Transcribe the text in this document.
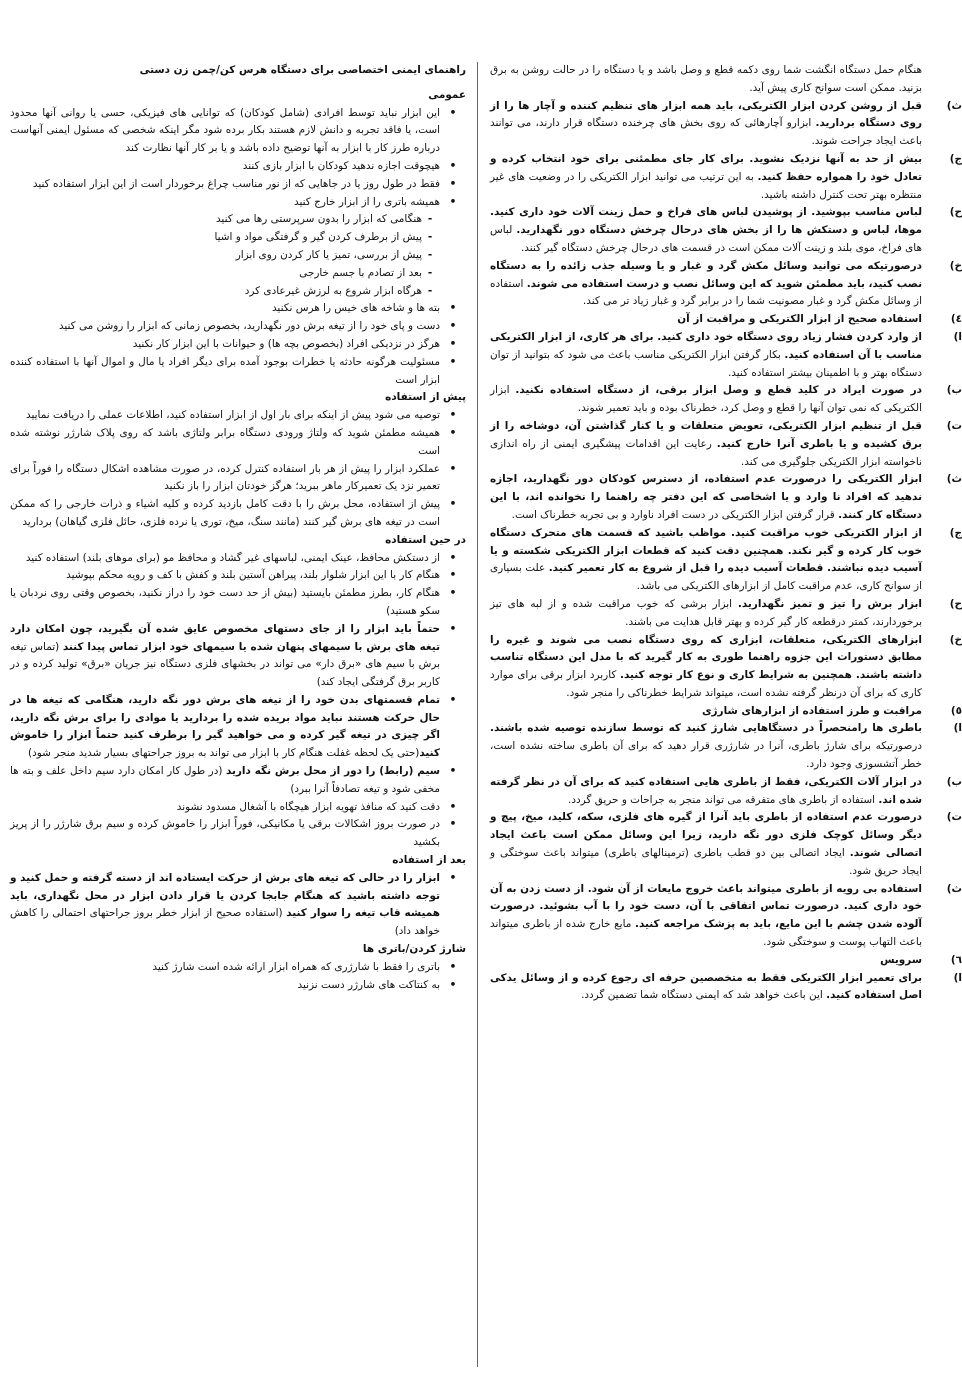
هنگام حمل دستگاه انگشت شما روی دکمه قطع و وصل باشد و یا دستگاه را در حالت روشن به برق بزنید. ممکن است سوانح کاری پیش آید.

ث)

قبل از روشن کردن ابزار الکتریکی، باید همه ابزار های تنظیم کننده و آچار ها را از روی دستگاه بردارید. ابزارو آچارهائی که روی بخش های چرخنده دستگاه قرار دارند، می توانند باعث ایجاد جراحت شوند.

ج)

بیش از حد به آنها نزدیک نشوید. برای کار جای مطمئنی برای خود انتخاب کرده و تعادل خود را همواره حفظ کنید. به این ترتیب می توانید ابزار الکتریکی را در وضعیت های غیر منتظره بهتر تحت کنترل داشته باشید.

ح)

لباس مناسب بپوشید. از پوشیدن لباس های فراخ و حمل زینت آلات خود داری کنید. موها، لباس و دستکش ها را از بخش های درحال چرخش دستگاه دور نگهدارید. لباس های فراخ، موی بلند و زینت آلات ممکن است در قسمت های درحال چرخش دستگاه گیر کنند.

خ)

درصورتیکه می توانید وسائل مکش گرد و غبار و یا وسیله جذب زائده را به دستگاه نصب کنید، باید مطمئن شوید که این وسائل نصب و درست استفاده می شوند. استفاده از وسائل مکش گرد و غبار مصونیت شما را در برابر گرد و غبار زیاد تر می کند.

٤)

استفاده صحیح از ابزار الکتریکی و مراقبت از آن

ا)

از وارد کردن فشار زیاد روی دستگاه خود داری کنید. برای هر کاری، از ابزار الکتریکی مناسب با آن استفاده کنید. بکار گرفتن ابزار الکتریکی مناسب باعث می شود که بتوانید از توان دستگاه بهتر و با اطمینان بیشتر استفاده کنید.

ب)

در صورت ایراد در کلید قطع و وصل ابزار برقی، از دستگاه استفاده نکنید. ابزار الکتریکی که نمی توان آنها را قطع و وصل کرد، خطرناک بوده و باید تعمیر شوند.

ت)

قبل از تنظیم ابزار الکتریکی، تعویض متعلقات و یا کنار گذاشتن آن، دوشاخه را از برق کشیده و یا باطری آنرا خارج کنید. رعایت این اقدامات پیشگیری ایمنی از راه اندازی ناخواسته ابزار الکتریکی جلوگیری می کند.

ث)

ابزار الکتریکی را درصورت عدم استفاده، از دسترس کودکان دور نگهدارید، اجازه ندهید که افراد نا وارد و یا اشخاصی که این دفتر چه راهنما را نخوانده اند، با این دستگاه کار کنند. قرار گرفتن ابزار الکتریکی در دست افراد ناوارد و بی تجربه خطرناک است.

ج)

از ابزار الکتریکی خوب مراقبت کنید. مواظب باشید که قسمت های متحرک دستگاه خوب کار کرده و گیر نکند. همچنین دقت کنید که قطعات ابزار الکتریکی شکسته و یا آسیب دیده نباشند. قطعات آسیب دیده را قبل از شروع به کار تعمیر کنید. علت بسیاری از سوانح کاری، عدم مراقبت کامل از ابزارهای الکتریکی می باشد.

ح)

ابزار برش را تیز و تمیز نگهدارید. ابزار برشی که خوب مراقبت شده و از لبه های تیز برخوردارند، کمتر درقطعه کار گیر کرده و بهتر قابل هدایت می باشند.

خ)

ابزارهای الکتریکی، متعلقات، ابزاری که روی دستگاه نصب می شوند و غیره را مطابق دستورات این جزوه راهنما طوری به کار گیرید که با مدل این دستگاه تناسب داشته باشند. همچنین به شرایط کاری و نوع کار توجه کنید. کاربرد ابزار برقی برای موارد کاری که برای آن درنظر گرفته نشده است، میتواند شرایط خطرناکی را منجر شود.

٥)

مراقبت و طرز استفاده از ابزارهای شارژی

ا)

باطری ها رامنحصراً در دستگاهایی شارژ کنید که توسط سازنده توصیه شده باشند. درصورتیکه برای شارژ باطری، آنرا در شارژری قرار دهید که برای آن باطری ساخته نشده است، خطر آتشسوزی وجود دارد.

ب)

در ابزار آلات الکتریکی، فقط از باطری هایی استفاده کنید که برای آن در نظر گرفته شده اند. استفاده از باطری های متفرقه می تواند منجر به جراحات و حریق گردد.

ت)

درصورت عدم استفاده از باطری باید آنرا از گیره های فلزی، سکه، کلید، میخ، پیچ و دیگر وسائل کوچک فلزی دور نگه دارید، زیرا این وسائل ممکن است باعث ایجاد اتصالی شوند. ایجاد اتصالی بین دو قطب باطری (ترمینالهای باطری) میتواند باعث سوختگی و ایجاد حریق شود.

ث)

استفاده بی رویه از باطری میتواند باعث خروج مایعات از آن شود. از دست زدن به آن خود داری کنید. درصورت تماس اتفاقی با آن، دست خود را با آب بشوئید. درصورت آلوده شدن چشم با این مایع، باید به پزشک مراجعه کنید. مایع خارج شده از باطری میتواند باعث التهاب پوست و سوختگی شود.

٦)

سرویس

ا)

برای تعمیر ابزار الکتریکی فقط به متخصصین حرفه ای رجوع کرده و از وسائل یدکی اصل استفاده کنید. این باعث خواهد شد که ایمنی دستگاه شما تضمین گردد.

راهنمای ایمنی اختصاصی برای دستگاه هرس کن/چمن زن دستی

عمومی

•

این ابزار نباید توسط افرادی (شامل کودکان) که توانایی های فیزیکی، حسی یا روانی آنها محدود است، یا فاقد تجربه و دانش لازم هستند بکار برده شود مگر اینکه شخصی که مسئول ایمنی آنهاست درباره طرز کار با ابزار به آنها توضیح داده باشد و یا بر کار آنها نظارت کند

•

هیچوقت اجازه ندهید کودکان با ابزار بازی کنند

•

فقط در طول روز یا در جاهایی که از نور مناسب چراغ برخوردار است از این ابزار استفاده کنید

•

همیشه باتری را از ابزار خارج کنید

-

هنگامی که ابزار را بدون سرپرستی رها می کنید

-

پیش از برطرف کردن گیر و گرفتگی مواد و اشیا

-

پیش از بررسی، تمیز یا کار کردن روی ابزار

-

بعد از تصادم با جسم خارجی

-

هرگاه ابزار شروع به لرزش غیرعادی کرد

•

بته ها و شاخه های خیس را هرس نکنید

•

دست و پای خود را از تیغه برش دور نگهدارید، بخصوص زمانی که ابزار را روشن می کنید

•

هرگز در نزدیکی افراد (بخصوص بچه ها) و حیوانات با این ابزار کار نکنید

•

مسئولیت هرگونه حادثه یا خطرات بوجود آمده برای دیگر افراد یا مال و اموال آنها با استفاده کننده ابزار است

پیش از استفاده

•

توصیه می شود پیش از اینکه برای بار اول از ابزار استفاده کنید، اطلاعات عملی را دریافت نمایید

•

همیشه مطمئن شوید که ولتاژ ورودی دستگاه برابر ولتاژی باشد که روی پلاک شارژر نوشته شده است

•

عملکرد ابزار را پیش از هر بار استفاده کنترل کرده، در صورت مشاهده اشکال دستگاه را فوراً برای تعمیر نزد یک تعمیرکار ماهر ببرید؛ هرگز خودتان ابزار را باز نکنید

•

پیش از استفاده، محل برش را با دقت کامل بازدید کرده و کلیه اشیاء و ذرات خارجی را که ممکن است در تیغه های برش گیر کنند (مانند سنگ، میخ، توری یا نرده فلزی، حائل فلزی گیاهان) بردارید

در حین استفاده

•

از دستکش محافظ، عینک ایمنی، لباسهای غیر گشاد و محافظ مو (برای موهای بلند) استفاده کنید

•

هنگام کار با این ابزار شلوار بلند، پیراهن آستین بلند و کفش با کف و رویه محکم بپوشید

•

هنگام کار، بطرز مطمئن بایستید (بیش از حد دست خود را دراز نکنید، بخصوص وقتی روی نردبان یا سکو هستید)

•

حتماً باید ابزار را از جای دستهای مخصوص عایق شده آن بگیرید، چون امکان دارد تیغه های برش با سیمهای پنهان شده یا سیمهای خود ابزار تماس پیدا کنند (تماس تیغه برش با سیم های «برق دار» می تواند در بخشهای فلزی دستگاه نیز جریان «برق» تولید کرده و در کاربر برق گرفتگی ایجاد کند)

•

تمام قسمتهای بدن خود را از تیغه های برش دور نگه دارید، هنگامی که تیغه ها در حال حرکت هستند نباید مواد بریده شده را بردارید یا موادی را برای برش نگه دارید، اگر چیزی در تیغه گیر کرده و می خواهید گیر را برطرف کنید حتماً ابزار را خاموش کنید(حتی یک لحظه غفلت هنگام کار با ابزار می تواند به بروز جراحتهای بسیار شدید منجر شود)

•

سیم (رابط) را دور از محل برش نگه دارید (در طول کار امکان دارد سیم داخل علف و بته ها مخفی شود و تیغه تصادفاً آنرا ببرد)

•

دقت کنید که منافذ تهویه ابزار هیچگاه با آشغال مسدود نشوند

•

در صورت بروز اشکالات برقی یا مکانیکی، فوراً ابزار را خاموش کرده و سیم برق شارژر را از پریز بکشید

بعد از استفاده

•

ابزار را در حالی که تیغه های برش از حرکت ایستاده اند از دسته گرفته و حمل کنید و توجه داشته باشید که هنگام جابجا کردن یا قرار دادن ابزار در محل نگهداری، باید همیشه قاب تیغه را سوار کنید (استفاده صحیح از ابزار خطر بروز جراحتهای احتمالی را کاهش خواهد داد)

شارژ کردن/باتری ها

•

باتری را فقط با شارژری که همراه ابزار ارائه شده است شارژ کنید

•

به کنتاکت های شارژر دست نزنید
